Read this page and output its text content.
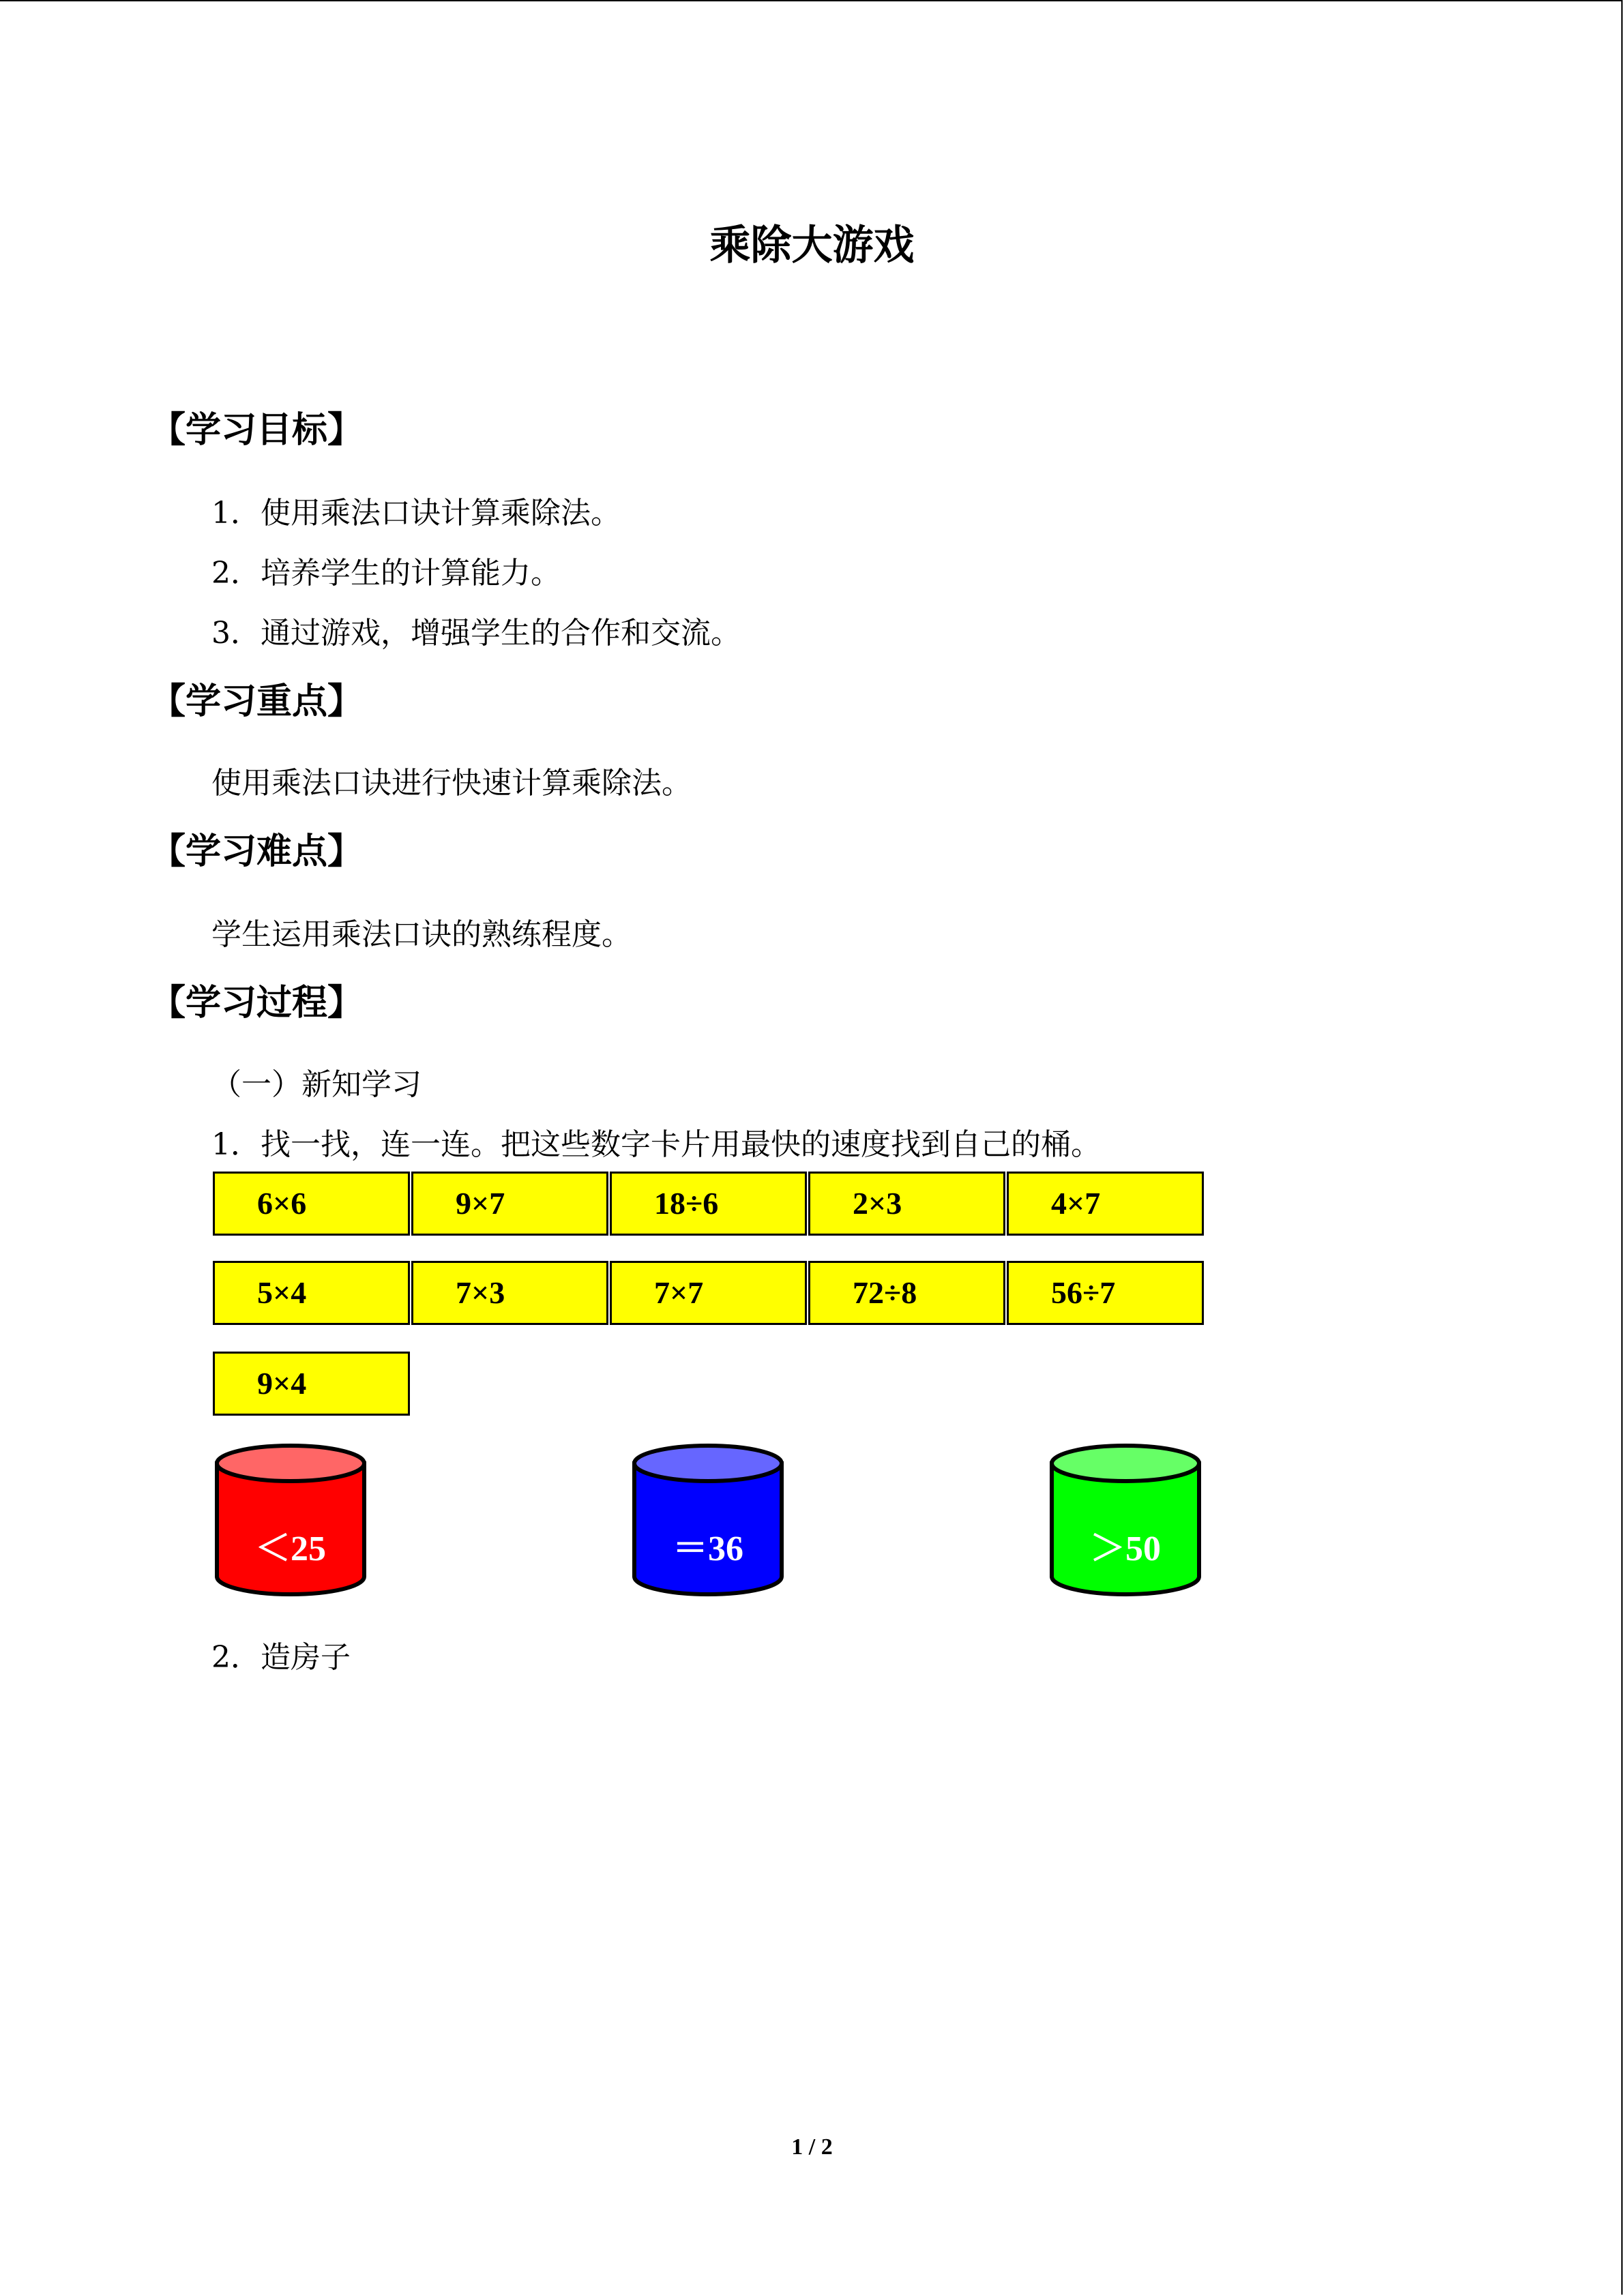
乘除大游戏
【学习目标】
1．使用乘法口诀计算乘除法。
2．培养学生的计算能力。
3．通过游戏，增强学生的合作和交流。
【学习重点】
使用乘法口诀进行快速计算乘除法。
【学习难点】
学生运用乘法口诀的熟练程度。
【学习过程】
（一）新知学习
1．找一找，连一连。把这些数字卡片用最快的速度找到自己的桶。
6×6	9×7	18÷6	2×3	4×7
5×4	7×3	7×7	72÷8	56÷7
9×4
＜25	＝36	＞50
2．造房子
1 / 2
